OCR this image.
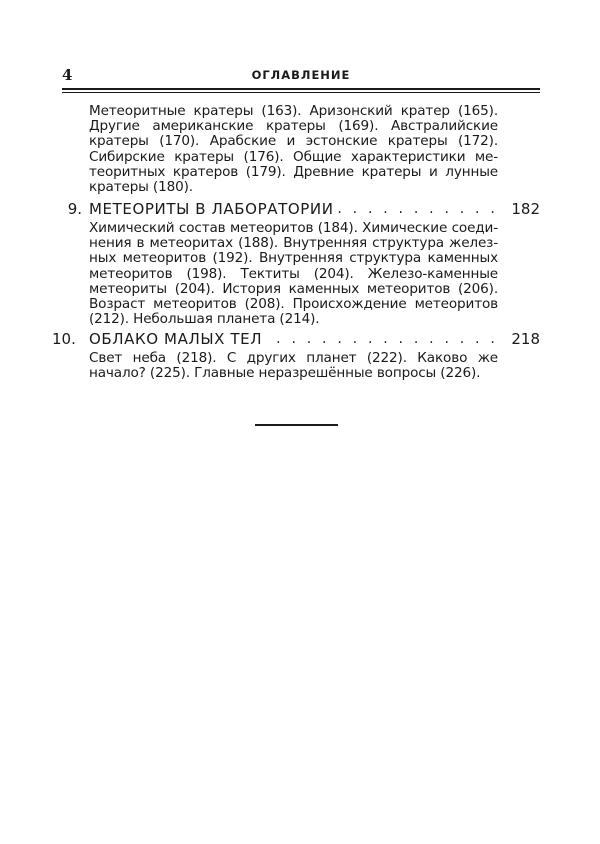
4	ОГЛАВЛЕНИЕ
Метеоритные кратеры (163). Аризонский кратер (165).
Другие американские кратеры (169). Австралийские
кратеры (170). Арабские и эстонские кратеры (172).
Сибирские кратеры (176). Общие характеристики ме-
теоритных кратеров (179). Древние кратеры и лунные
кратеры (180).
9. МЕТЕОРИТЫ В ЛАБОРАТОРИИ . . . . . . . . . . . 182
Химический состав метеоритов (184). Химические соеди-
нения в метеоритах (188). Внутренняя структура желез-
ных метеоритов (192). Внутренняя структура каменных
метеоритов (198). Тектиты (204). Железо-каменные
метеориты (204). История каменных метеоритов (206).
Возраст метеоритов (208). Происхождение метеоритов
(212). Небольшая планета (214).
10. ОБЛАКО МАЛЫХ ТЕЛ . . . . . . . . . . . . . . . 218
Свет неба (218). С других планет (222). Каково же
начало? (225). Главные неразрешённые вопросы (226).
